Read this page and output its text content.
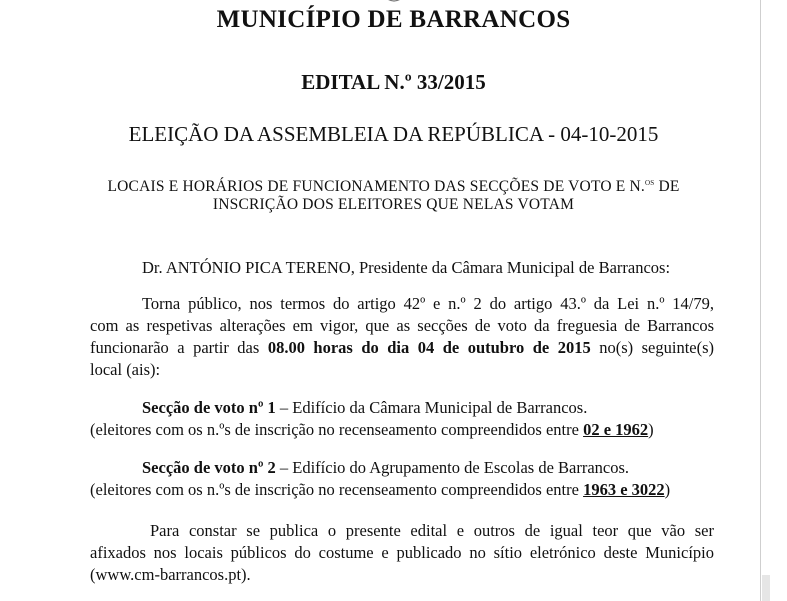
MUNICÍPIO DE BARRANCOS
EDITAL N.º 33/2015
ELEIÇÃO DA ASSEMBLEIA DA REPÚBLICA - 04-10-2015
LOCAIS E HORÁRIOS DE FUNCIONAMENTO DAS SECÇÕES DE VOTO E N.$^{os}$ DE
INSCRIÇÃO DOS ELEITORES QUE NELAS VOTAM
Dr. ANTÓNIO PICA TERENO, Presidente da Câmara Municipal de Barrancos:
Torna público, nos termos do artigo 42º e n.º 2 do artigo 43.º da Lei n.º 14/79,
com as respetivas alterações em vigor, que as secções de voto da freguesia de Barrancos
funcionarão a partir das 08.00 horas do dia 04 de outubro de 2015 no(s) seguinte(s)
local (ais):
Secção de voto nº 1 – Edifício da Câmara Municipal de Barrancos.
(eleitores com os n.ºs de inscrição no recenseamento compreendidos entre 02 e 1962)
Secção de voto nº 2 – Edifício do Agrupamento de Escolas de Barrancos.
(eleitores com os n.ºs de inscrição no recenseamento compreendidos entre 1963 e 3022)
Para constar se publica o presente edital e outros de igual teor que vão ser
afixados nos locais públicos do costume e publicado no sítio eletrónico deste Município
(www.cm-barrancos.pt).
